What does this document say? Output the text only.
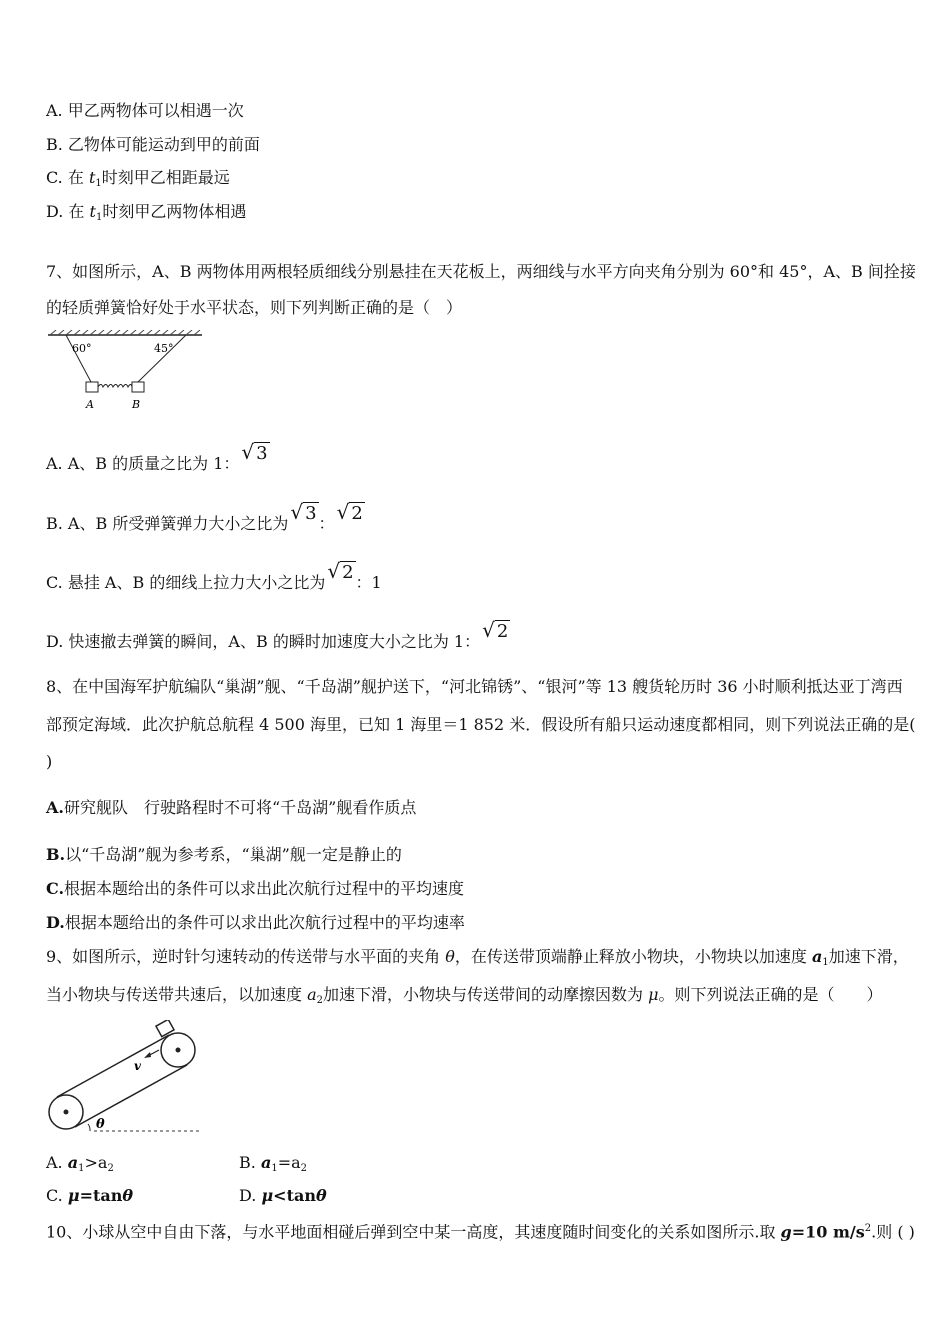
A. 甲乙两物体可以相遇一次
B. 乙物体可能运动到甲的前面
C. 在 $t_1$时刻甲乙相距最远
D. 在 $t_1$时刻甲乙两物体相遇
7、如图所示，A、B 两物体用两根轻质细线分别悬挂在天花板上，两细线与水平方向夹角分别为 60°和 45°，A、B 间拴接
的轻质弹簧恰好处于水平状态，则下列判断正确的是（　）
60°	45°
A	B
A. A、B 的质量之比为 1： √ 3
B. A、B 所受弹簧弹力大小之比为 √ 3 ： √ 2
C. 悬挂 A、B 的细线上拉力大小之比为 √ 2 ：1
D. 快速撤去弹簧的瞬间，A、B 的瞬时加速度大小之比为 1： √ 2
8、在中国海军护航编队“巢湖”舰、“千岛湖”舰护送下，“河北锦锈”、“银河”等 13 艘货轮历时 36 小时顺利抵达亚丁湾西
部预定海域．此次护航总航程 4 500 海里，已知 1 海里＝1 852 米．假设所有船只运动速度都相同，则下列说法正确的是(
)
A.研究舰队　行驶路程时不可将“千岛湖”舰看作质点
B.以“千岛湖”舰为参考系，“巢湖”舰一定是静止的
C.根据本题给出的条件可以求出此次航行过程中的平均速度
D.根据本题给出的条件可以求出此次航行过程中的平均速率
9、如图所示，逆时针匀速转动的传送带与水平面的夹角 θ，在传送带顶端静止释放小物块，小物块以加速度 $a_1$加速下滑，
当小物块与传送带共速后，以加速度 $a_2$加速下滑，小物块与传送带间的动摩擦因数为 μ。则下列说法正确的是（　　）
v
θ
A. $a_1>a_2$	B. $a_1=a_2$
C. μ=tanθ	D. μ<tanθ
10、小球从空中自由下落，与水平地面相碰后弹到空中某一高度，其速度随时间变化的关系如图所示.取 g=10 $m/s^2$.则 ( )
